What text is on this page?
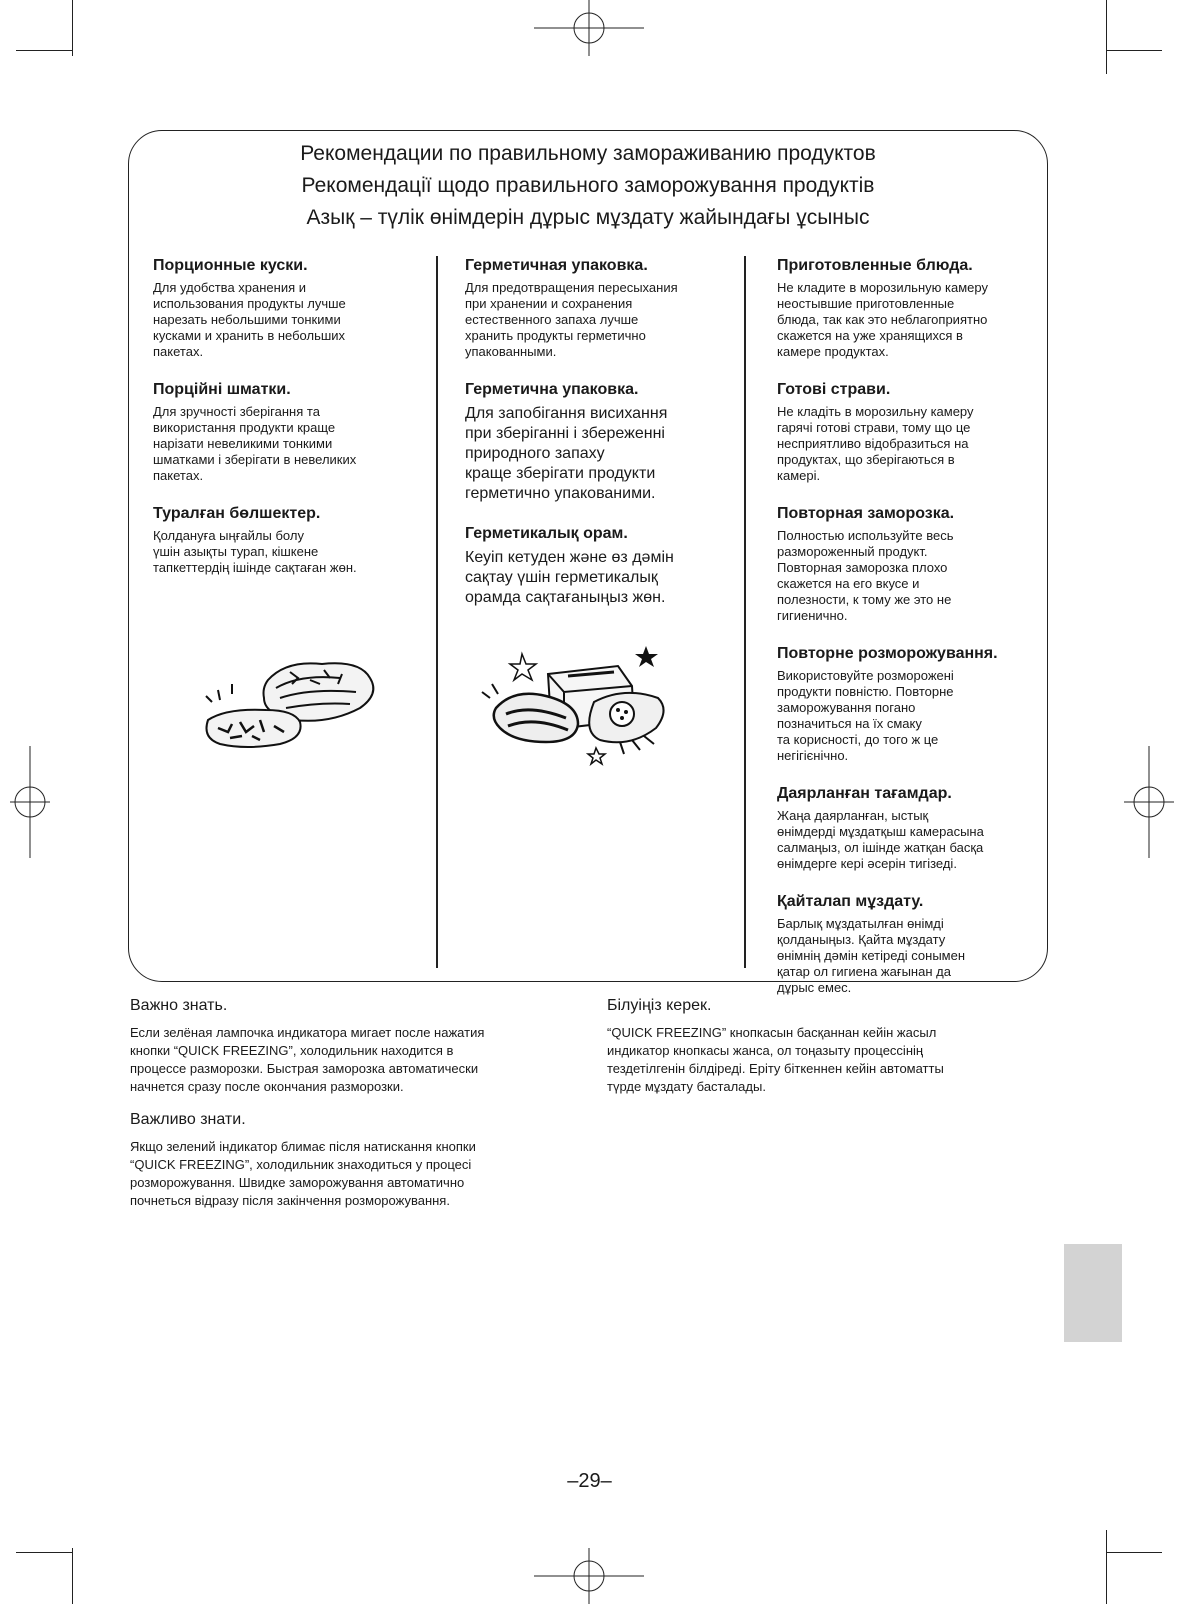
Рекомендации по правильному замораживанию продуктов
Рекомендації щодо правильного заморожування продуктів
Азық – түлік өнімдерін дұрыс мұздату жайындағы ұсыныс
Порционные куски.

Для удобства хранения и
использования продукты лучше
нарезать небольшими тонкими
кусками и хранить в небольших
пакетах.

Порційні шматки.

Для зручності зберігання та
використання продукти краще
нарізати невеликими тонкими
шматками і зберігати в невеликих
пакетах.

Туралған бөлшектер.

Қолдануға ыңғайлы болу
үшін азықты турап, кішкене
тапкеттердің ішінде сақтаған жөн.

Герметичная упаковка.

Для предотвращения пересыхания
при хранении и сохранения
естественного запаха лучше
хранить продукты герметично
упакованными.

Герметична упаковка.

Для запобігання висихання
при зберіганні і збереженні
природного запаху
краще зберігати продукти
герметично упакованими.

Герметикалық орам.

Кеуіп кетуден және өз дәмін
сақтау үшін герметикалық
орамда сақтағаныңыз жөн.

Приготовленные блюда.

Не кладите в морозильную камеру
неостывшие приготовленные
блюда, так как это неблагоприятно
скажется на уже хранящихся в
камере продуктах.

Готові страви.

Не кладіть в морозильну камеру
гарячі готові страви, тому що це
несприятливо відобразиться на
продуктах, що зберігаються в
камері.

Повторная заморозка.

Полностью используйте весь
размороженный продукт.
Повторная заморозка плохо
скажется на его вкусе и
полезности, к тому же это не
гигиенично.

Повторне розморожування.

Використовуйте розморожені
продукти повністю. Повторне
заморожування погано
позначиться на їх смаку
та корисності, до того ж це
негігієнічно.

Даярланған тағамдар.

Жаңа даярланған, ыстық
өнімдерді мұздатқыш камерасына
салмаңыз, ол ішінде жатқан басқа
өнімдерге кері әсерін тигізеді.

Қайталап мұздату.

Барлық мұздатылған өнімді
қолданыңыз. Қайта мұздату
өнімнің дәмін кетіреді сонымен
қатар ол гигиена жағынан да
дұрыс емес.

Важно знать.

Если зелёная лампочка индикатора мигает после нажатия
кнопки “QUICK FREEZING”, холодильник находится в
процессе разморозки. Быстрая заморозка автоматически
начнется сразу после окончания разморозки.

Важливо знати.

Якщо зелений індикатор блимає після натискання кнопки
“QUICK FREEZING”, холодильник знаходиться у процесі
розморожування. Швидке заморожування автоматично
почнеться відразу після закінчення розморожування.

Білуіңіз керек.

“QUICK FREEZING” кнопкасын басқаннан кейін жасыл
индикатор кнопкасы жанса, ол тоңазыту процессінің
тездетілгенін білдіреді. Еріту біткеннен кейін автоматты
түрде мұздату басталады.

–29–
